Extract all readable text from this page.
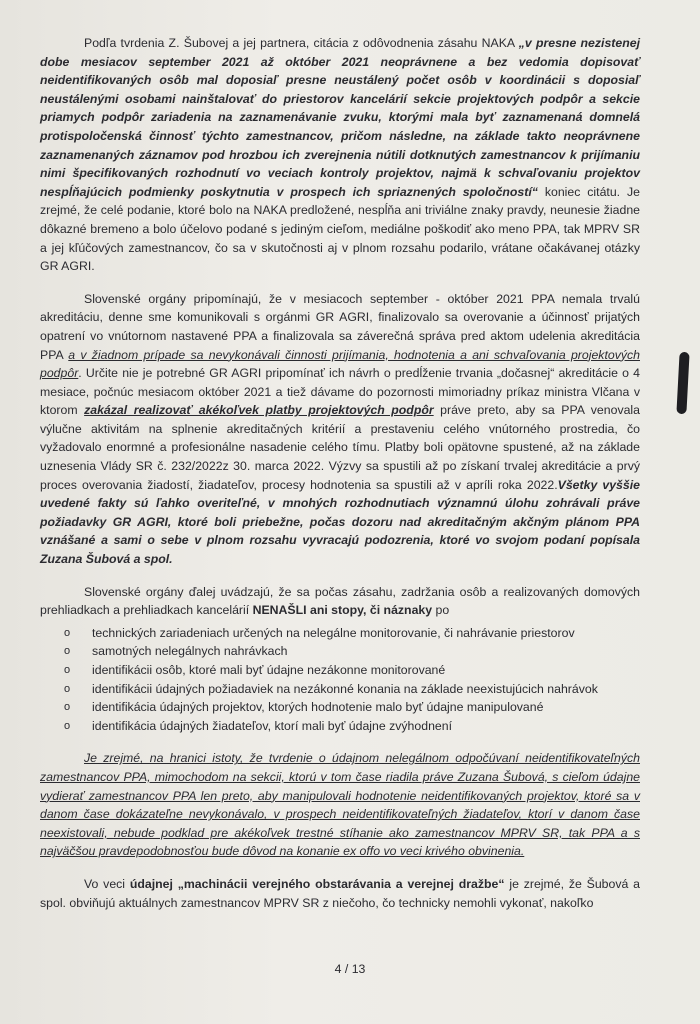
Podľa tvrdenia Z. Šubovej a jej partnera, citácia z odôvodnenia zásahu NAKA „v presne nezistenej dobe mesiacov september 2021 až október 2021 neoprávnene a bez vedomia dopisovať neidentifikovaných osôb mal doposiaľ presne neustálený počet osôb v koordinácii s doposiaľ neustálenými osobami nainštalovať do priestorov kancelárií sekcie projektových podpôr a sekcie priamych podpôr zariadenia na zaznamenávanie zvuku, ktorými mala byť zaznamenaná domnelá protispoločenská činnosť týchto zamestnancov, pričom následne, na základe takto neoprávnene zaznamenaných záznamov pod hrozbou ich zverejnenia nútili dotknutých zamestnancov k prijímaniu nimi špecifikovaných rozhodnutí vo veciach kontroly projektov, najmä k schvaľovaniu projektov nespĺňajúcich podmienky poskytnutia v prospech ich spriaznených spoločností“ koniec citátu. Je zrejmé, že celé podanie, ktoré bolo na NAKA predložené, nespĺňa ani triviálne znaky pravdy, neunesie žiadne dôkazné bremeno a bolo účelovo podané s jediným cieľom, mediálne poškodiť ako meno PPA, tak MPRV SR a jej kľúčových zamestnancov, čo sa v skutočnosti aj v plnom rozsahu podarilo, vrátane očakávanej otázky GR AGRI.

Slovenské orgány pripomínajú, že v mesiacoch september - október 2021 PPA nemala trvalú akreditáciu, denne sme komunikovali s orgánmi GR AGRI, finalizovalo sa overovanie a účinnosť prijatých opatrení vo vnútornom nastavené PPA a finalizovala sa záverečná správa pred aktom udelenia akreditácia PPA a v žiadnom prípade sa nevykonávali činnosti prijímania, hodnotenia a ani schvaľovania projektových podpôr. Určite nie je potrebné GR AGRI pripomínať ich návrh o predĺženie trvania „dočasnej“ akreditácie o 4 mesiace, počnúc mesiacom október 2021 a tiež dávame do pozornosti mimoriadny príkaz ministra Vlčana v ktorom zakázal realizovať akékoľvek platby projektových podpôr práve preto, aby sa PPA venovala výlučne aktivitám na splnenie akreditačných kritérií a prestaveniu celého vnútorného prostredia, čo vyžadovalo enormné a profesionálne nasadenie celého tímu. Platby boli opätovne spustené, až na základe uznesenia Vlády SR č. 232/2022z 30. marca 2022. Výzvy sa spustili až po získaní trvalej akreditácie a prvý proces overovania žiadostí, žiadateľov, procesy hodnotenia sa spustili až v apríli roka 2022.Všetky vyššie uvedené fakty sú ľahko overiteľné, v mnohých rozhodnutiach významnú úlohu zohrávali práve požiadavky GR AGRI, ktoré boli priebežne, počas dozoru nad akreditačným akčným plánom PPA vznášané a sami o sebe v plnom rozsahu vyvracajú podozrenia, ktoré vo svojom podaní popísala Zuzana Šubová a spol.

Slovenské orgány ďalej uvádzajú, že sa počas zásahu, zadržania osôb a realizovaných domových prehliadkach a prehliadkach kancelárií NENAŠLI ani stopy, či náznaky po

o technických zariadeniach určených na nelegálne monitorovanie, či nahrávanie priestorov
o samotných nelegálnych nahrávkach
o identifikácii osôb, ktoré mali byť údajne nezákonne monitorované
o identifikácii údajných požiadaviek na nezákonné konania na základe neexistujúcich nahrávok
o identifikácia údajných projektov, ktorých hodnotenie malo byť údajne manipulované
o identifikácia údajných žiadateľov, ktorí mali byť údajne zvýhodnení

Je zrejmé, na hranici istoty, že tvrdenie o údajnom nelegálnom odpočúvaní neidentifikovateľných zamestnancov PPA, mimochodom na sekcii, ktorú v tom čase riadila práve Zuzana Šubová, s cieľom údajne vydierať zamestnancov PPA len preto, aby manipulovali hodnotenie neidentifikovaných projektov, ktoré sa v danom čase dokázateľne nevykonávalo, v prospech neidentifikovateľných žiadateľov, ktorí v danom čase neexistovali, nebude podklad pre akékoľvek trestné stíhanie ako zamestnancov MPRV SR, tak PPA a s najväčšou pravdepodobnosťou bude dôvod na konanie ex offo vo veci krivého obvinenia.

Vo veci údajnej „machinácii verejného obstarávania a verejnej dražbe“ je zrejmé, že Šubová a spol. obviňujú aktuálnych zamestnancov MPRV SR z niečoho, čo technicky nemohli vykonať, nakoľko

4 / 13
